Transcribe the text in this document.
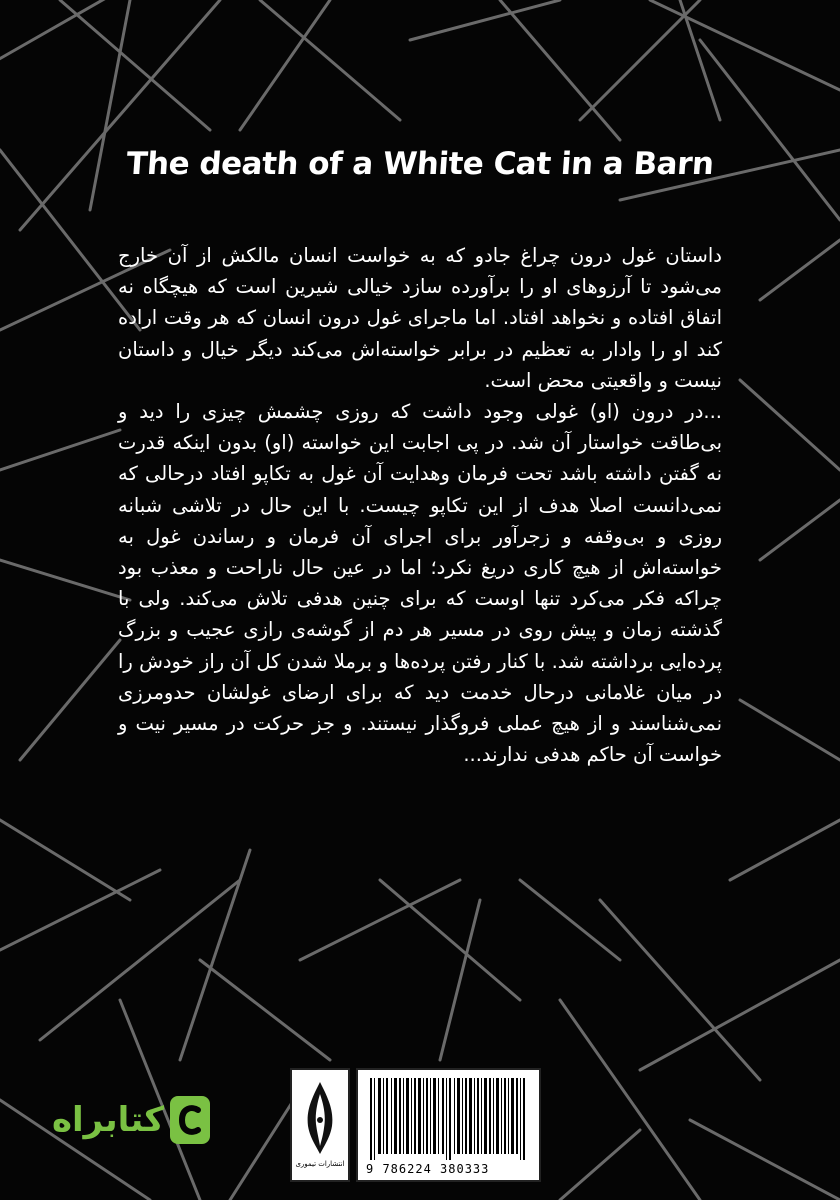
The death of a White Cat in a Barn

داستان غول درون چراغ جادو که به خواست انسان مالکش از آن خارج می‌شود تا آرزوهای او را برآورده سازد خیالی شیرین است که هیچگاه نه اتفاق افتاده و نخواهد افتاد. اما ماجرای غول درون انسان که هر وقت اراده کند او را وادار به تعظیم در برابر خواسته‌اش می‌کند دیگر خیال و داستان نیست و واقعیتی محض است.

...در درون (او) غولی وجود داشت که روزی چشمش چیزی را دید و بی‌طاقت خواستار آن شد. در پی اجابت این خواسته (او) بدون اینکه قدرت نه گفتن داشته باشد تحت فرمان وهدایت آن غول به تکاپو افتاد درحالی که نمی‌دانست اصلا هدف از این تکاپو چیست. با این حال در تلاشی شبانه روزی و بی‌وقفه و زجرآور برای اجرای آن فرمان و رساندن غول به خواسته‌اش از هیچ کاری دریغ نکرد؛ اما در عین حال ناراحت و معذب بود چراکه فکر می‌کرد تنها اوست که برای چنین هدفی تلاش می‌کند. ولی با گذشته زمان و پیش روی در مسیر هر دم از گوشه‌ی رازی عجیب و بزرگ پرده‌ایی برداشته شد. با کنار رفتن پرده‌ها و برملا شدن کل آن راز خودش را در میان غلامانی درحال خدمت دید که برای ارضای غولشان حدومرزی نمی‌شناسند و از هیچ عملی فروگذار نیستند. و جز حرکت در مسیر نیت و خواست آن حاکم هدفی ندارند...

انتشارات تیموری 9 786224 380333
کتابراه
